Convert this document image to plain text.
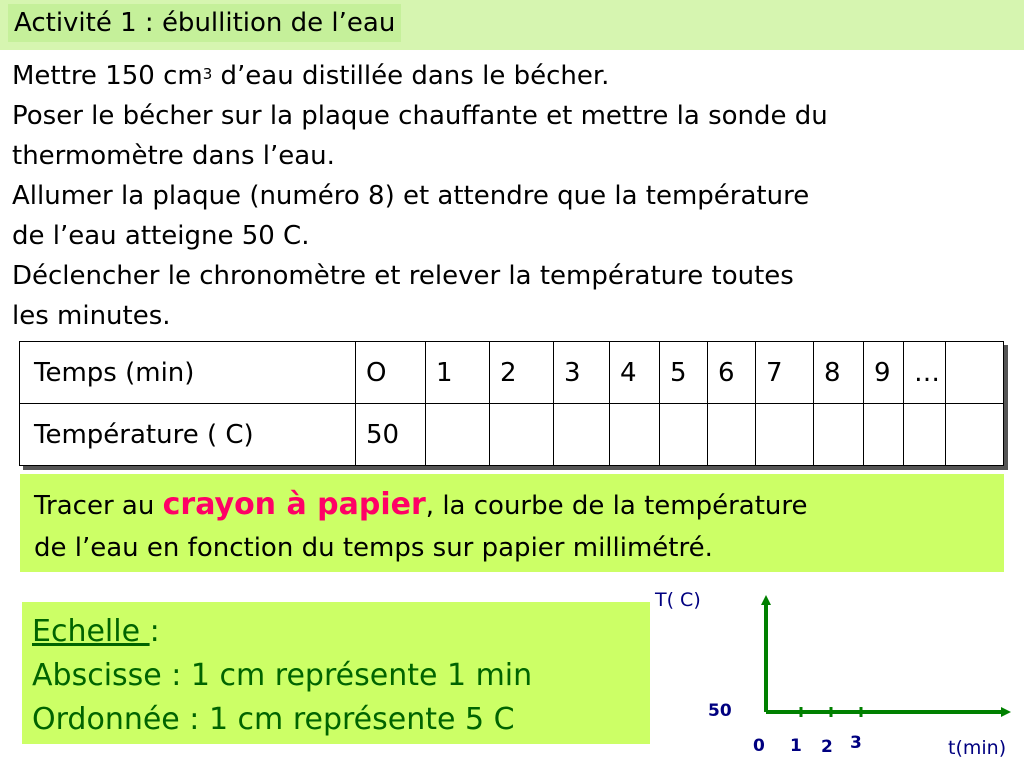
Activité 1 : ébullition de l’eau
Mettre 150 $cm^3$ d’eau distillée dans le bécher.
Poser le bécher sur la plaque chauffante et mettre la sonde du
thermomètre dans l’eau.
Allumer la plaque (numéro 8) et attendre que la température
de l’eau atteigne 50 C.
Déclencher le chronomètre et relever la température toutes
les minutes.
Temps (min)	O	1	2	3	4	5	6	7	8	9	…	
Température ( C)	50											
Tracer au crayon à papier, la courbe de la température
de l’eau en fonction du temps sur papier millimétré.
Echelle :
Abscisse : 1 cm représente 1 min
Ordonnée : 1 cm représente 5 C
T( C)
t(min)
50
0 1 2 3
